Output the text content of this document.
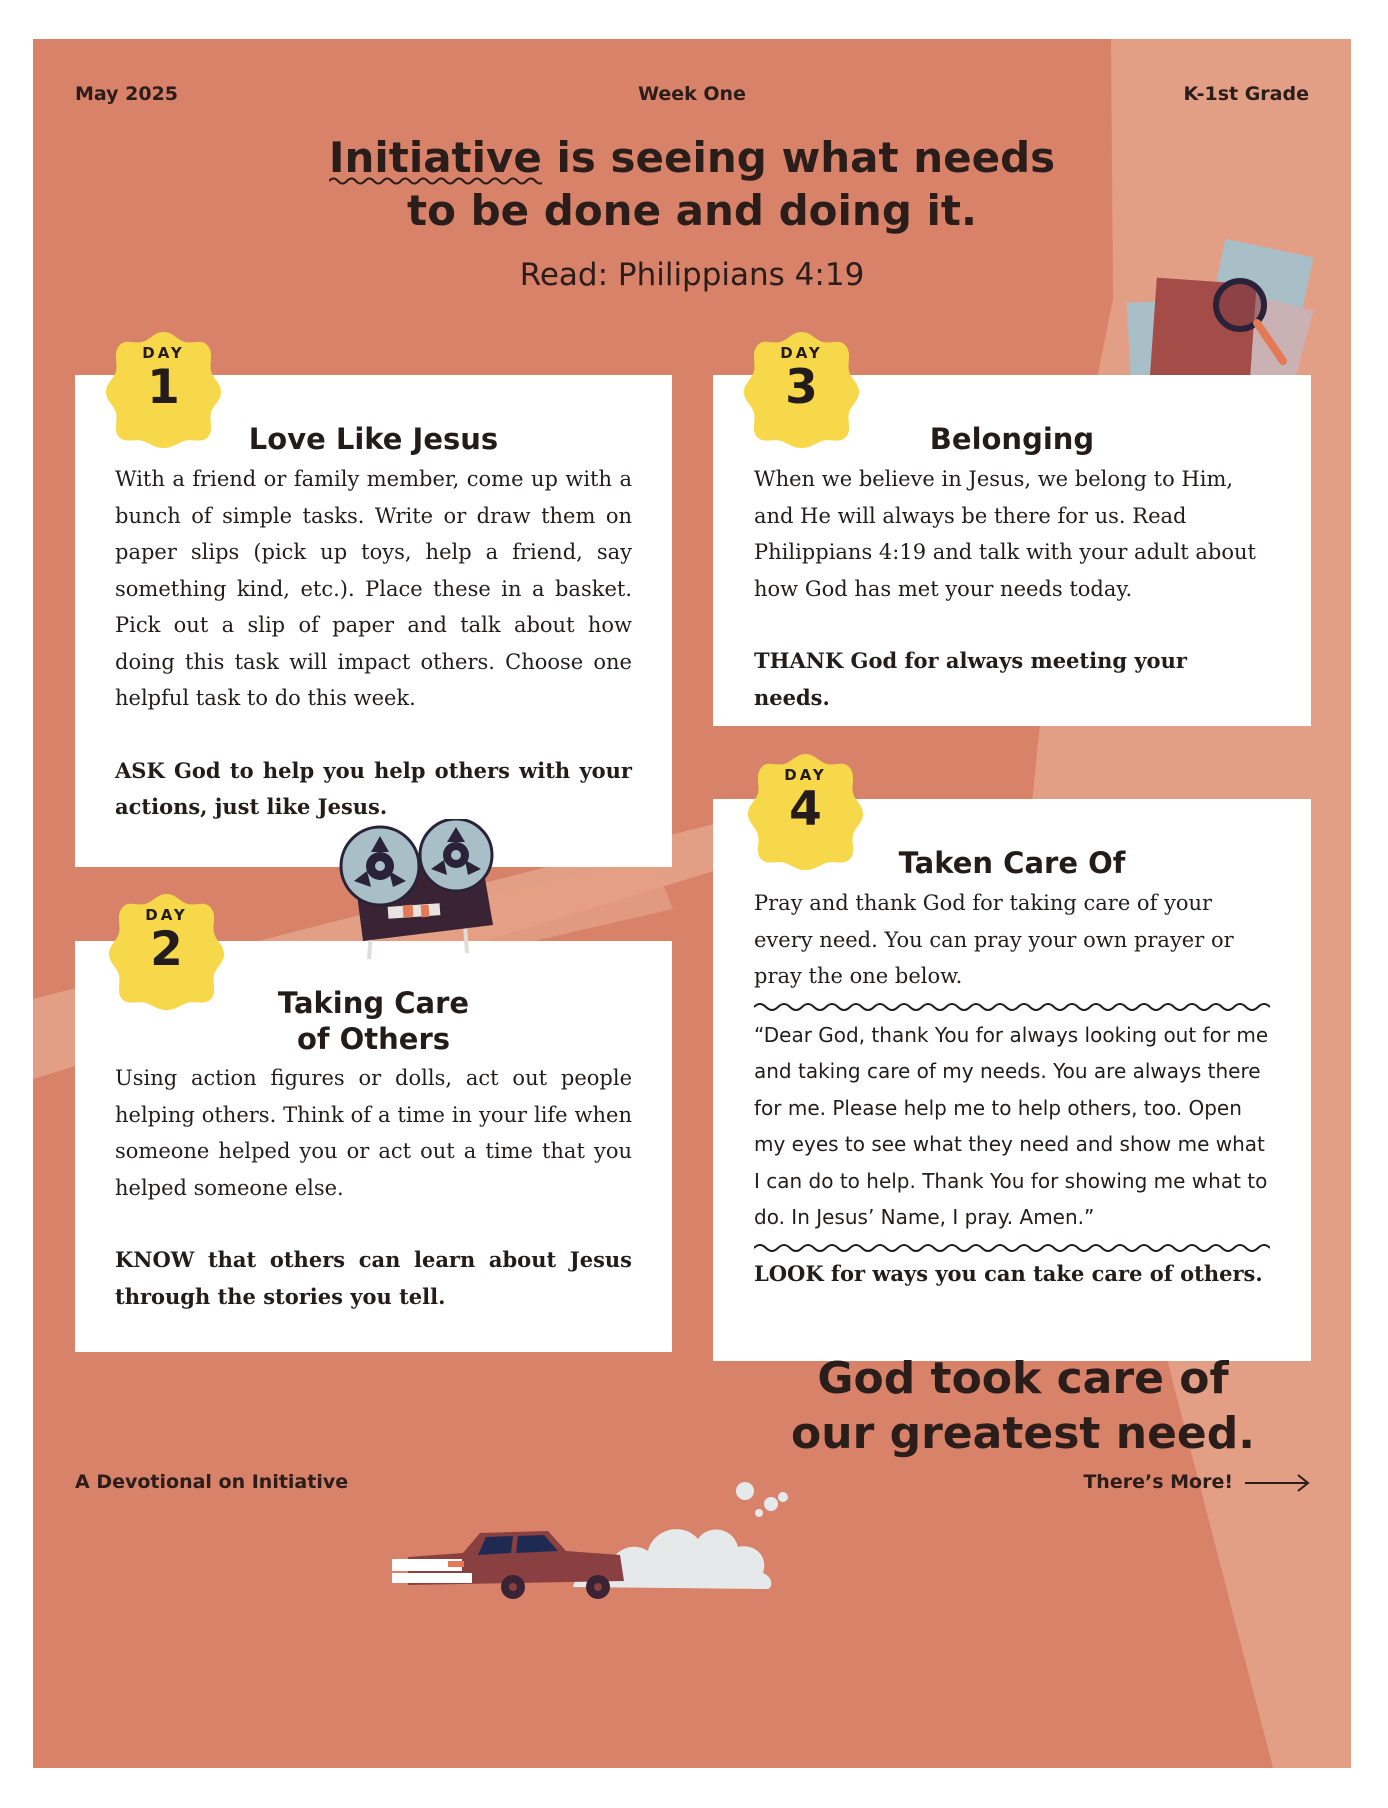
May 2025	Week One	K-1st Grade
Initiative
is seeing what needs
to be done and doing it.
Read: Philippians 4:19
Love Like Jesus

With a friend or family member, come up with a bunch of simple tasks. Write or draw them on paper slips (pick up toys, help a friend, say something kind, etc.). Place these in a basket. Pick out a slip of paper and talk about how doing this task will impact others. Choose one helpful task to do this week.

ASK God to help you help others with your actions, just like Jesus.

Belonging

When we believe in Jesus, we belong to Him, and He will always be there for us. Read Philippians 4:19 and talk with your adult about how God has met your needs today.

THANK God for always meeting your needs.

Taking Care
of Others

Using action figures or dolls, act out people helping others. Think of a time in your life when someone helped you or act out a time that you helped someone else.

KNOW that others can learn about Jesus through the stories you tell.

Taken Care Of

Pray and thank God for taking care of your every need. You can pray your own prayer or pray the one below.

“Dear God, thank You for always looking out for me and taking care of my needs. You are always there for me. Please help me to help others, too. Open my eyes to see what they need and show me what I can do to help. Thank You for showing me what to do. In Jesus’ Name, I pray. Amen.”

LOOK for ways you can take care of others.

DAY
1
DAY
3
DAY
2
DAY
4
God took care of
our greatest need.
A Devotional on Initiative	There’s More!
